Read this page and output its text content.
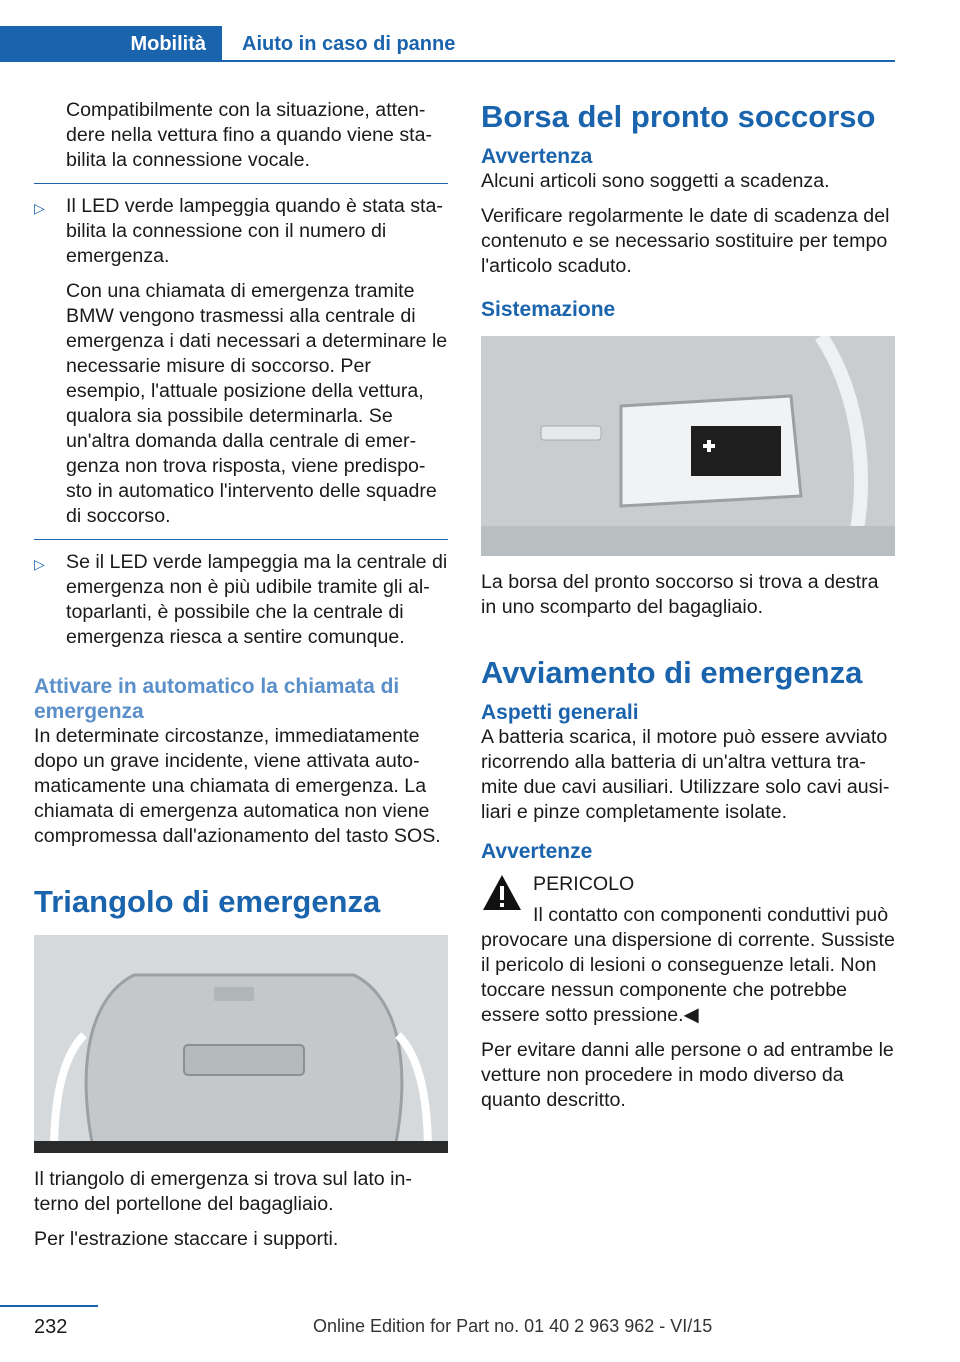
Mobilità	Aiuto in caso di panne

Compatibilmente con la situazione, atten‐dere nella vettura fino a quando viene sta‐bilita la connessione vocale.

▷ Il LED verde lampeggia quando è stata sta‐bilita la connessione con il numero di emergenza.

Con una chiamata di emergenza tramite BMW vengono trasmessi alla centrale di emergenza i dati necessari a determinare le necessarie misure di soccorso. Per esempio, l'attuale posizione della vettura, qualora sia possibile determinarla. Se un'altra domanda dalla centrale di emer‐genza non trova risposta, viene predispo‐sto in automatico l'intervento delle squadre di soccorso.

▷ Se il LED verde lampeggia ma la centrale di emergenza non è più udibile tramite gli al‐toparlanti, è possibile che la centrale di emergenza riesca a sentire comunque.

Attivare in automatico la chiamata di emergenza

In determinate circostanze, immediatamente dopo un grave incidente, viene attivata auto‐maticamente una chiamata di emergenza. La chiamata di emergenza automatica non viene compromessa dall'azionamento del tasto SOS.

Triangolo di emergenza

Il triangolo di emergenza si trova sul lato in‐terno del portellone del bagagliaio.

Per l'estrazione staccare i supporti.

Borsa del pronto soccorso
Avvertenza

Alcuni articoli sono soggetti a scadenza.

Verificare regolarmente le date di scadenza del contenuto e se necessario sostituire per tempo l'articolo scaduto.

Sistemazione

La borsa del pronto soccorso si trova a destra in uno scomparto del bagagliaio.

Avviamento di emergenza
Aspetti generali

A batteria scarica, il motore può essere avviato ricorrendo alla batteria di un'altra vettura tra‐mite due cavi ausiliari. Utilizzare solo cavi ausi‐liari e pinze completamente isolate.

Avvertenze

PERICOLO

Il contatto con componenti conduttivi può provocare una dispersione di corrente. Sussiste il pericolo di lesioni o conseguenze letali. Non toccare nessun componente che potrebbe essere sotto pressione.◀

Per evitare danni alle persone o ad entrambe le vetture non procedere in modo diverso da quanto descritto.

232	Online Edition for Part no. 01 40 2 963 962 - VI/15
